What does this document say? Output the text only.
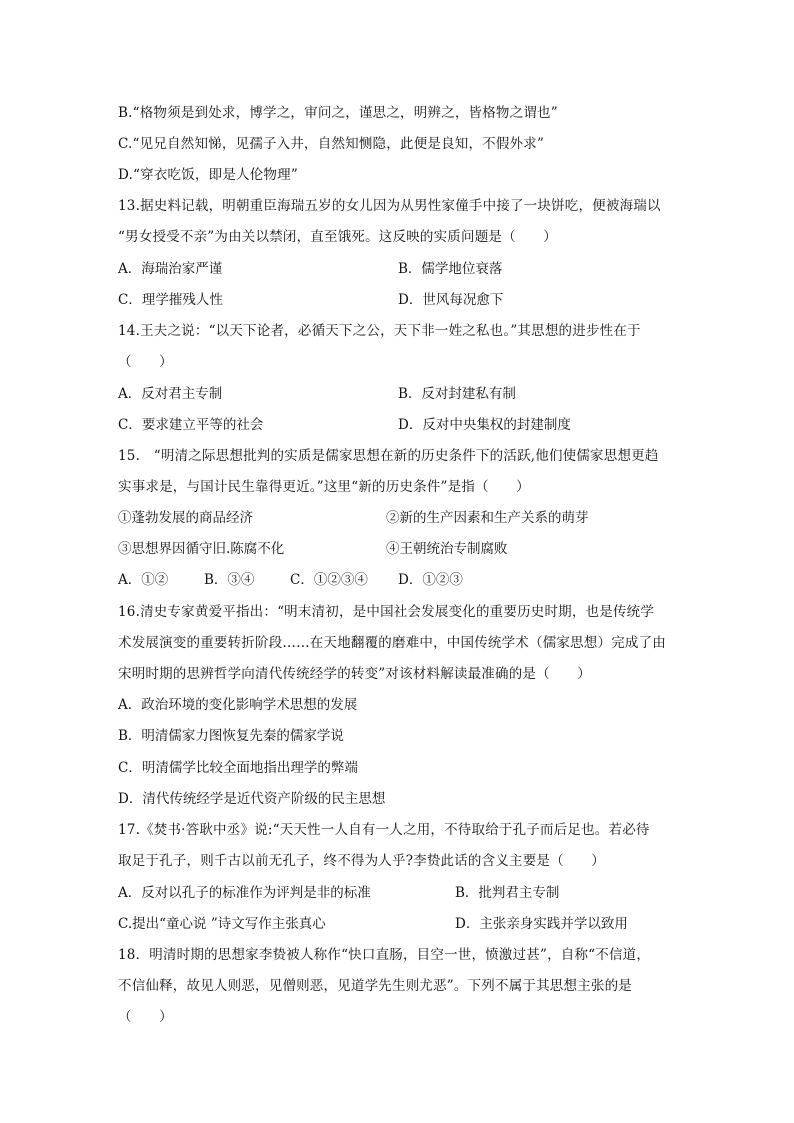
B.“格物须是到处求，博学之，审问之，谨思之，明辨之，皆格物之谓也”
C.“见兄自然知悌，见孺子入井，自然知恻隐，此便是良知，不假外求”
D.“穿衣吃饭，即是人伦物理”
13.据史料记载，明朝重臣海瑞五岁的女儿因为从男性家僮手中接了一块饼吃，便被海瑞以
“男女授受不亲”为由关以禁闭，直至饿死。这反映的实质问题是（　　）
A．海瑞治家严谨	B．儒学地位衰落
C．理学摧残人性	D．世风每况愈下
14.王夫之说：“以天下论者，必循天下之公，天下非一姓之私也。”其思想的进步性在于
（　　）
A．反对君主专制	B．反对封建私有制
C．要求建立平等的社会	D．反对中央集权的封建制度
15.　“明清之际思想批判的实质是儒家思想在新的历史条件下的活跃,他们使儒家思想更趋
实事求是，与国计民生靠得更近。”这里“新的历史条件”是指（　　）
①蓬勃发展的商品经济	②新的生产因素和生产关系的萌芽
③思想界因循守旧.陈腐不化	④王朝统治专制腐败
A．①②	B．③④	C．①②③④ D．①②③
16.清史专家黄爱平指出：“明末清初，是中国社会发展变化的重要历史时期，也是传统学
术发展演变的重要转折阶段……在天地翻覆的磨难中，中国传统学术（儒家思想）完成了由
宋明时期的思辨哲学向清代传统经学的转变”对该材料解读最准确的是（　　）
A．政治环境的变化影响学术思想的发展
B．明清儒家力图恢复先秦的儒家学说
C．明清儒学比较全面地指出理学的弊端
D．清代传统经学是近代资产阶级的民主思想
17.《焚书·答耿中丞》说:“天天性一人自有一人之用，不待取给于孔子而后足也。若必待
取足于孔子，则千古以前无孔子，终不得为人乎?李贽此话的含义主要是（　　）
A．反对以孔子的标准作为评判是非的标准	B．批判君主专制
C.提出“童心说 ”诗文写作主张真心	D．主张亲身实践并学以致用
18．明清时期的思想家李贽被人称作“快口直肠，目空一世，愤激过甚”，自称“不信道，
不信仙释，故见人则恶，见僧则恶，见道学先生则尤恶”。下列不属于其思想主张的是
（　　）
